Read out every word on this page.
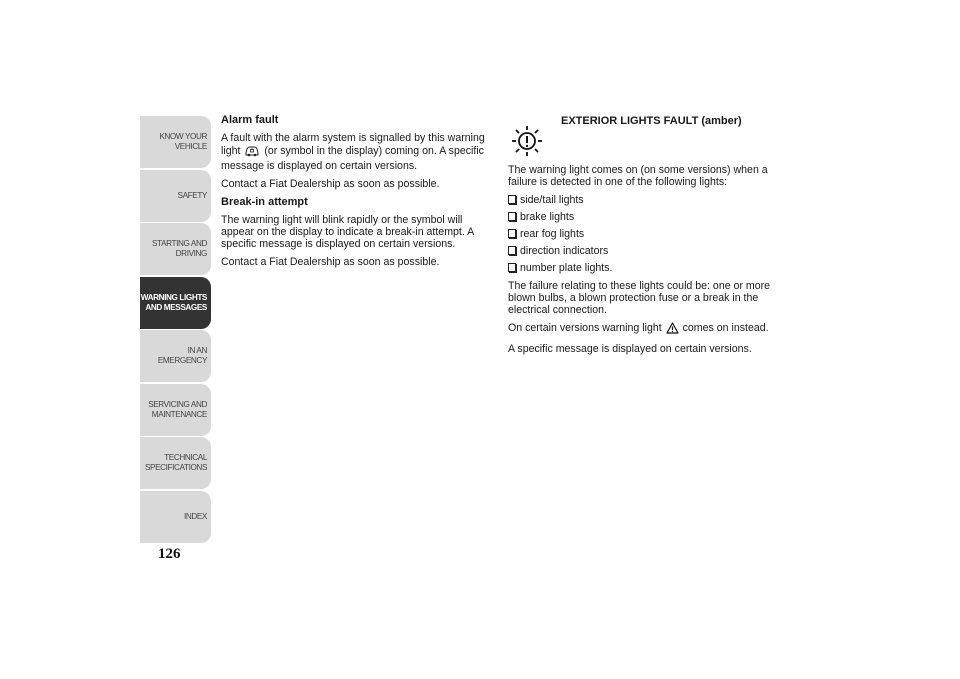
KNOW YOUR
VEHICLE
SAFETY
STARTING AND
DRIVING
WARNING LIGHTS
AND MESSAGES
IN AN EMERGENCY
SERVICING AND
MAINTENANCE
TECHNICAL
SPECIFICATIONS
INDEX
126
Alarm fault

A fault with the alarm system is signalled by this warning light (or symbol in the display) coming on. A specific message is displayed on certain versions.

Contact a Fiat Dealership as soon as possible.

Break-in attempt

The warning light will blink rapidly or the symbol will appear on the display to indicate a break-in attempt. A specific message is displayed on certain versions.

Contact a Fiat Dealership as soon as possible.

EXTERIOR LIGHTS FAULT (amber)

The warning light comes on (on some versions) when a failure is detected in one of the following lights:

side/tail lights
brake lights
rear fog lights
direction indicators
number plate lights.

The failure relating to these lights could be: one or more blown bulbs, a blown protection fuse or a break in the electrical connection.

On certain versions warning light comes on instead.

A specific message is displayed on certain versions.
